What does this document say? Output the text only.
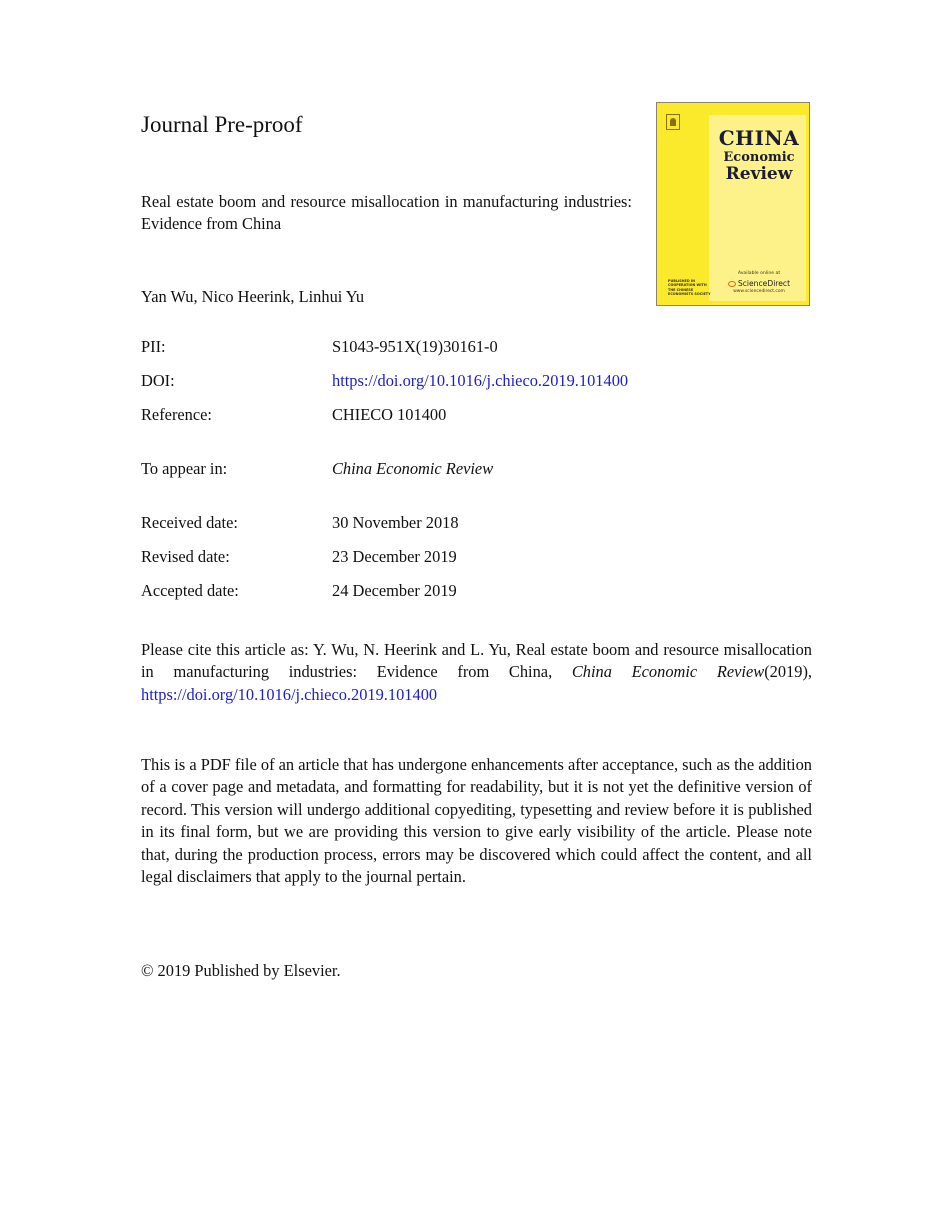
Journal Pre-proof
Real estate boom and resource misallocation in manufacturing industries: Evidence from China
Yan Wu, Nico Heerink, Linhui Yu
PII:	S1043-951X(19)30161-0
DOI:	https://doi.org/10.1016/j.chieco.2019.101400
Reference:	CHIECO 101400
To appear in:	China Economic Review
Received date:	30 November 2018
Revised date:	23 December 2019
Accepted date:	24 December 2019
Please cite this article as: Y. Wu, N. Heerink and L. Yu, Real estate boom and resource misallocation in manufacturing industries: Evidence from China, China Economic Review(2019), https://doi.org/10.1016/j.chieco.2019.101400
This is a PDF file of an article that has undergone enhancements after acceptance, such as the addition of a cover page and metadata, and formatting for readability, but it is not yet the definitive version of record. This version will undergo additional copyediting, typesetting and review before it is published in its final form, but we are providing this version to give early visibility of the article. Please note that, during the production process, errors may be discovered which could affect the content, and all legal disclaimers that apply to the journal pertain.
© 2019 Published by Elsevier.
CHINA
Economic
Review
PUBLISHED IN COOPERATION WITH THE CHINESE ECONOMISTS SOCIETY
Available online at
ScienceDirect
www.sciencedirect.com
